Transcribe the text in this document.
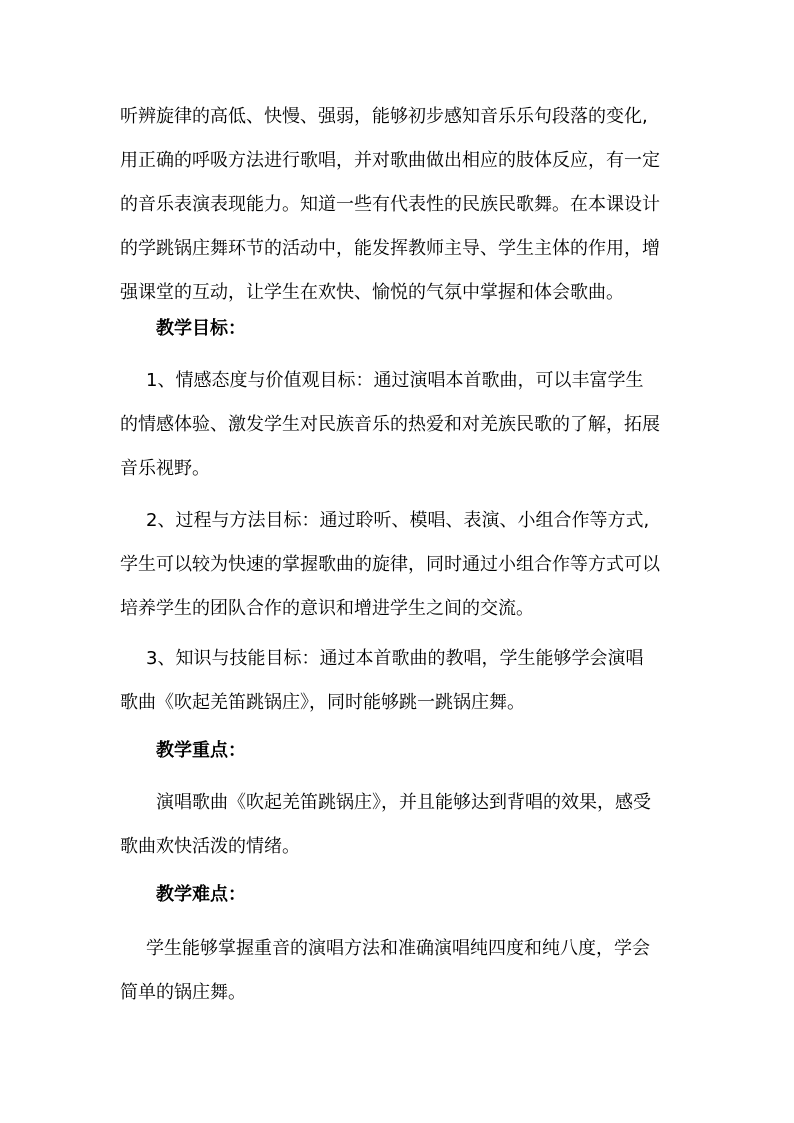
听辨旋律的高低、快慢、强弱，能够初步感知音乐乐句段落的变化,
用正确的呼吸方法进行歌唱，并对歌曲做出相应的肢体反应，有一定
的音乐表演表现能力。知道一些有代表性的民族民歌舞。在本课设计
的学跳锅庄舞环节的活动中，能发挥教师主导、学生主体的作用，增
强课堂的互动，让学生在欢快、愉悦的气氛中掌握和体会歌曲。
教学目标：
1、情感态度与价值观目标：通过演唱本首歌曲，可以丰富学生
的情感体验、激发学生对民族音乐的热爱和对羌族民歌的了解，拓展
音乐视野。
2、过程与方法目标：通过聆听、模唱、表演、小组合作等方式,
学生可以较为快速的掌握歌曲的旋律，同时通过小组合作等方式可以
培养学生的团队合作的意识和增进学生之间的交流。
3、知识与技能目标：通过本首歌曲的教唱，学生能够学会演唱
歌曲《吹起羌笛跳锅庄》，同时能够跳一跳锅庄舞。
教学重点：
演唱歌曲《吹起羌笛跳锅庄》，并且能够达到背唱的效果，感受
歌曲欢快活泼的情绪。
教学难点：
学生能够掌握重音的演唱方法和准确演唱纯四度和纯八度，学会
简单的锅庄舞。
